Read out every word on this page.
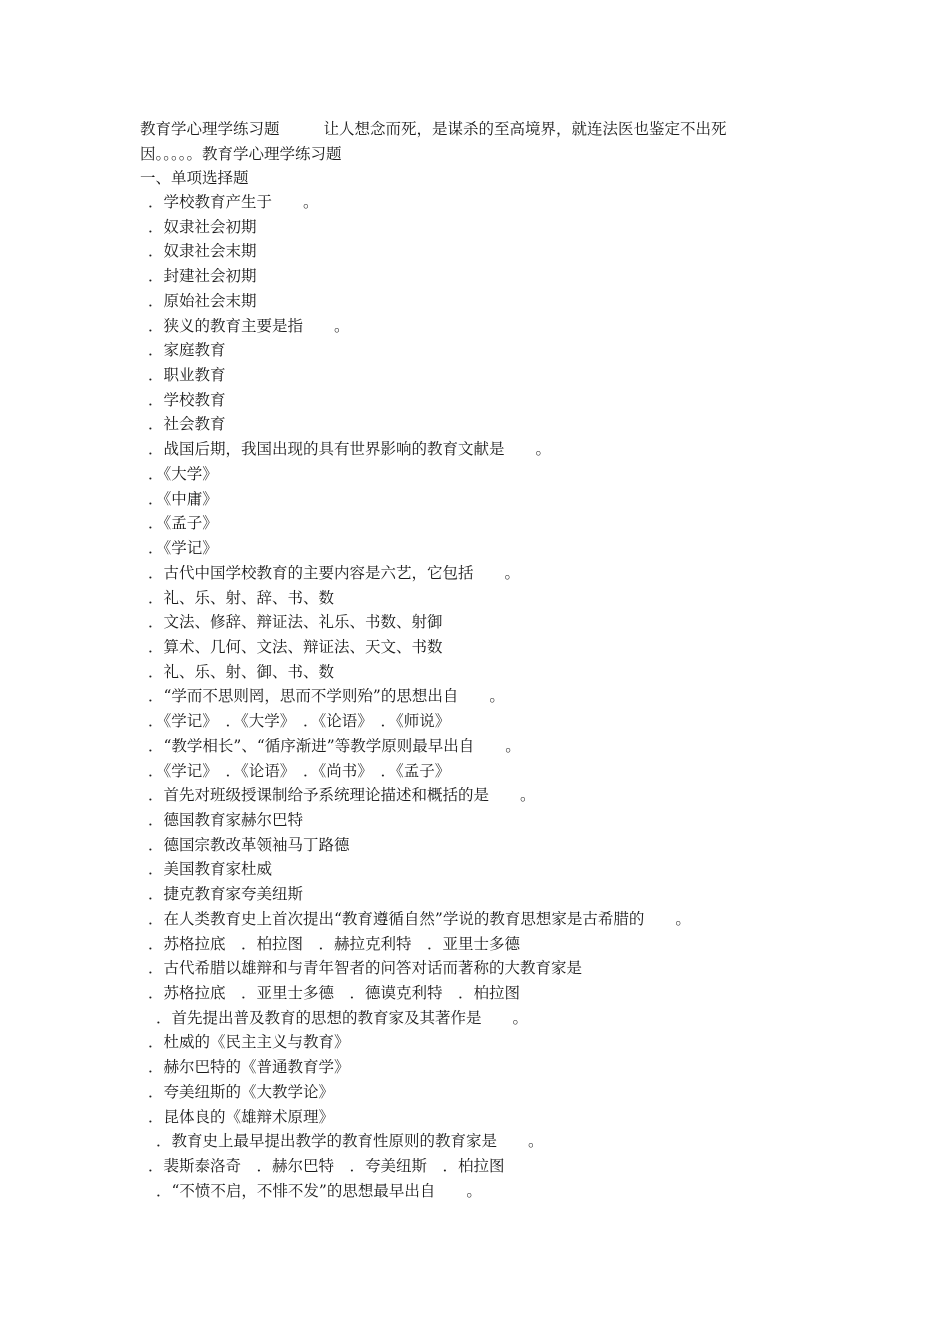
教育学心理学练习题	让人想念而死，是谋杀的至高境界，就连法医也鉴定不出死
因。。。。。教育学心理学练习题
一、单项选择题
．学校教育产生于　　。
．奴隶社会初期
．奴隶社会末期
．封建社会初期
．原始社会末期
．狭义的教育主要是指　　。
．家庭教育
．职业教育
．学校教育
．社会教育
．战国后期，我国出现的具有世界影响的教育文献是　　。
．《大学》
．《中庸》
．《孟子》
．《学记》
．古代中国学校教育的主要内容是六艺，它包括　　。
．礼、乐、射、辞、书、数
．文法、修辞、辩证法、礼乐、书数、射御
．算术、几何、文法、辩证法、天文、书数
．礼、乐、射、御、书、数
．“学而不思则罔，思而不学则殆”的思想出自　　。
．《学记》　．《大学》　．《论语》　．《师说》
．“教学相长”、“循序渐进”等教学原则最早出自　　。
．《学记》　．《论语》　．《尚书》　．《孟子》
．首先对班级授课制给予系统理论描述和概括的是　　。
．德国教育家赫尔巴特
．德国宗教改革领袖马丁路德
．美国教育家杜威
．捷克教育家夸美纽斯
．在人类教育史上首次提出“教育遵循自然”学说的教育思想家是古希腊的　　。
．苏格拉底　．柏拉图　．赫拉克利特　．亚里士多德
．古代希腊以雄辩和与青年智者的问答对话而著称的大教育家是
．苏格拉底　．亚里士多德　．德谟克利特　．柏拉图
．首先提出普及教育的思想的教育家及其著作是　　。
．杜威的《民主主义与教育》
．赫尔巴特的《普通教育学》
．夸美纽斯的《大教学论》
．昆体良的《雄辩术原理》
．教育史上最早提出教学的教育性原则的教育家是　　。
．裴斯泰洛奇　．赫尔巴特　．夸美纽斯　．柏拉图
．“不愤不启，不悱不发”的思想最早出自　　。
